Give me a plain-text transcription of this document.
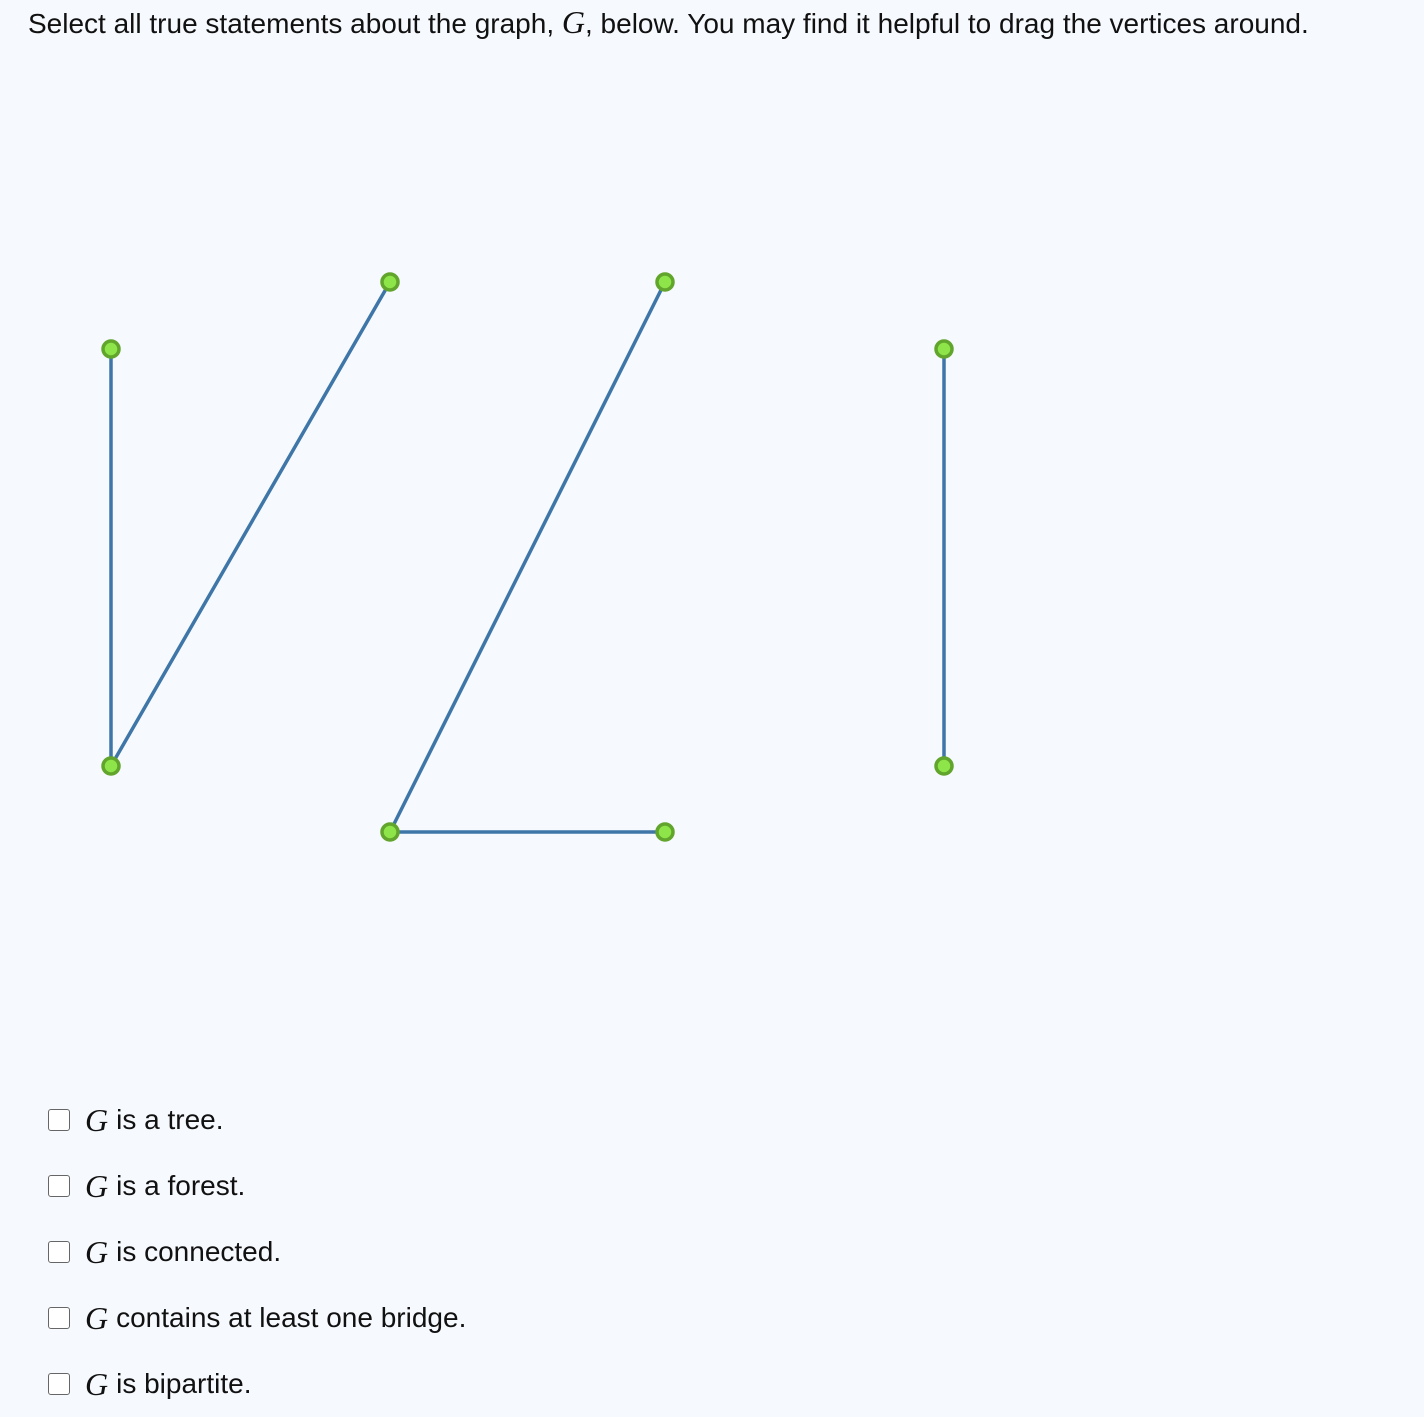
Select all true statements about the graph, G, below. You may find it helpful to drag the vertices around.
G is a tree.
G is a forest.
G is connected.
G contains at least one bridge.
G is bipartite.
